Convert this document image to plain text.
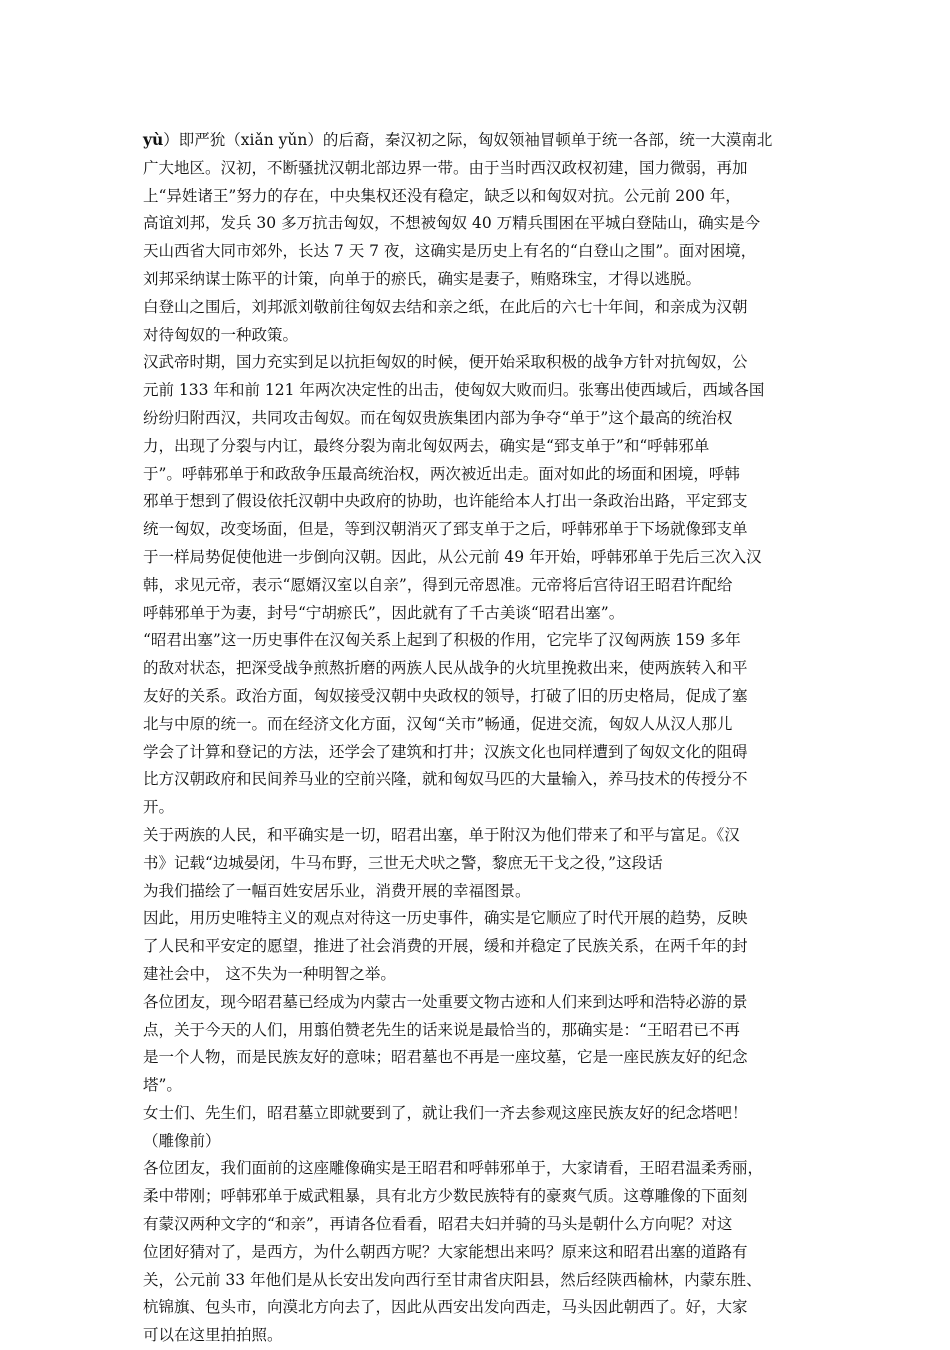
yù）即严狁（xiǎn yǔn）的后裔，秦汉初之际，匈奴领袖冒顿单于统一各部，统一大漠南北
广大地区。汉初，不断骚扰汉朝北部边界一带。由于当时西汉政权初建，国力微弱，再加
上“异姓诸王”努力的存在，中央集权还没有稳定，缺乏以和匈奴对抗。公元前 200 年，
高谊刘邦，发兵 30 多万抗击匈奴，不想被匈奴 40 万精兵围困在平城白登陆山，确实是今
天山西省大同市郊外，长达 7 天 7 夜，这确实是历史上有名的“白登山之围”。面对困境，
刘邦采纳谋士陈平的计策，向单于的瘀氏，确实是妻子，贿赂珠宝，才得以逃脱。
白登山之围后，刘邦派刘敬前往匈奴去结和亲之纸，在此后的六七十年间，和亲成为汉朝
对待匈奴的一种政策。
汉武帝时期，国力充实到足以抗拒匈奴的时候，便开始采取积极的战争方针对抗匈奴，公
元前 133 年和前 121 年两次决定性的出击，使匈奴大败而归。张骞出使西域后，西域各国
纷纷归附西汉，共同攻击匈奴。而在匈奴贵族集团内部为争夺“单于”这个最高的统治权
力，出现了分裂与内讧，最终分裂为南北匈奴两去，确实是“郅支单于”和“呼韩邪单
于”。呼韩邪单于和政敌争压最高统治权，两次被近出走。面对如此的场面和困境，呼韩
邪单于想到了假设依托汉朝中央政府的协助，也许能给本人打出一条政治出路，平定郅支
统一匈奴，改变场面，但是，等到汉朝消灭了郅支单于之后，呼韩邪单于下场就像郅支单
于一样局势促使他进一步倒向汉朝。因此，从公元前 49 年开始，呼韩邪单于先后三次入汉
韩，求见元帝，表示“愿婿汉室以自亲”，得到元帝恩准。元帝将后宫待诏王昭君许配给
呼韩邪单于为妻，封号“宁胡瘀氏”，因此就有了千古美谈“昭君出塞”。
“昭君出塞”这一历史事件在汉匈关系上起到了积极的作用，它完毕了汉匈两族 159 多年
的敌对状态，把深受战争煎熬折磨的两族人民从战争的火坑里挽救出来，使两族转入和平
友好的关系。政治方面，匈奴接受汉朝中央政权的领导，打破了旧的历史格局，促成了塞
北与中原的统一。而在经济文化方面，汉匈“关市”畅通，促进交流，匈奴人从汉人那儿
学会了计算和登记的方法，还学会了建筑和打井；汉族文化也同样遭到了匈奴文化的阻碍
比方汉朝政府和民间养马业的空前兴隆，就和匈奴马匹的大量输入，养马技术的传授分不
开。
关于两族的人民，和平确实是一切，昭君出塞，单于附汉为他们带来了和平与富足。《汉
书》记载“边城晏闭，牛马布野，三世无犬吠之警，黎庶无干戈之役，”这段话
为我们描绘了一幅百姓安居乐业，消费开展的幸福图景。
因此，用历史唯特主义的观点对待这一历史事件，确实是它顺应了时代开展的趋势，反映
了人民和平安定的愿望，推进了社会消费的开展，缓和并稳定了民族关系，在两千年的封
建社会中， 这不失为一种明智之举。
各位团友，现今昭君墓已经成为内蒙古一处重要文物古迹和人们来到达呼和浩特必游的景
点，关于今天的人们，用翦伯赞老先生的话来说是最恰当的，那确实是：“王昭君已不再
是一个人物，而是民族友好的意味；昭君墓也不再是一座坟墓，它是一座民族友好的纪念
塔”。
女士们、先生们，昭君墓立即就要到了，就让我们一齐去参观这座民族友好的纪念塔吧！
（雕像前）
各位团友，我们面前的这座雕像确实是王昭君和呼韩邪单于，大家请看，王昭君温柔秀丽，
柔中带刚；呼韩邪单于威武粗暴，具有北方少数民族特有的豪爽气质。这尊雕像的下面刻
有蒙汉两种文字的“和亲”，再请各位看看，昭君夫妇并骑的马头是朝什么方向呢？对这
位团好猜对了，是西方，为什么朝西方呢？大家能想出来吗？原来这和昭君出塞的道路有
关，公元前 33 年他们是从长安出发向西行至甘肃省庆阳县，然后经陕西榆林，内蒙东胜、
杭锦旗、包头市，向漠北方向去了，因此从西安出发向西走，马头因此朝西了。好，大家
可以在这里拍拍照。
